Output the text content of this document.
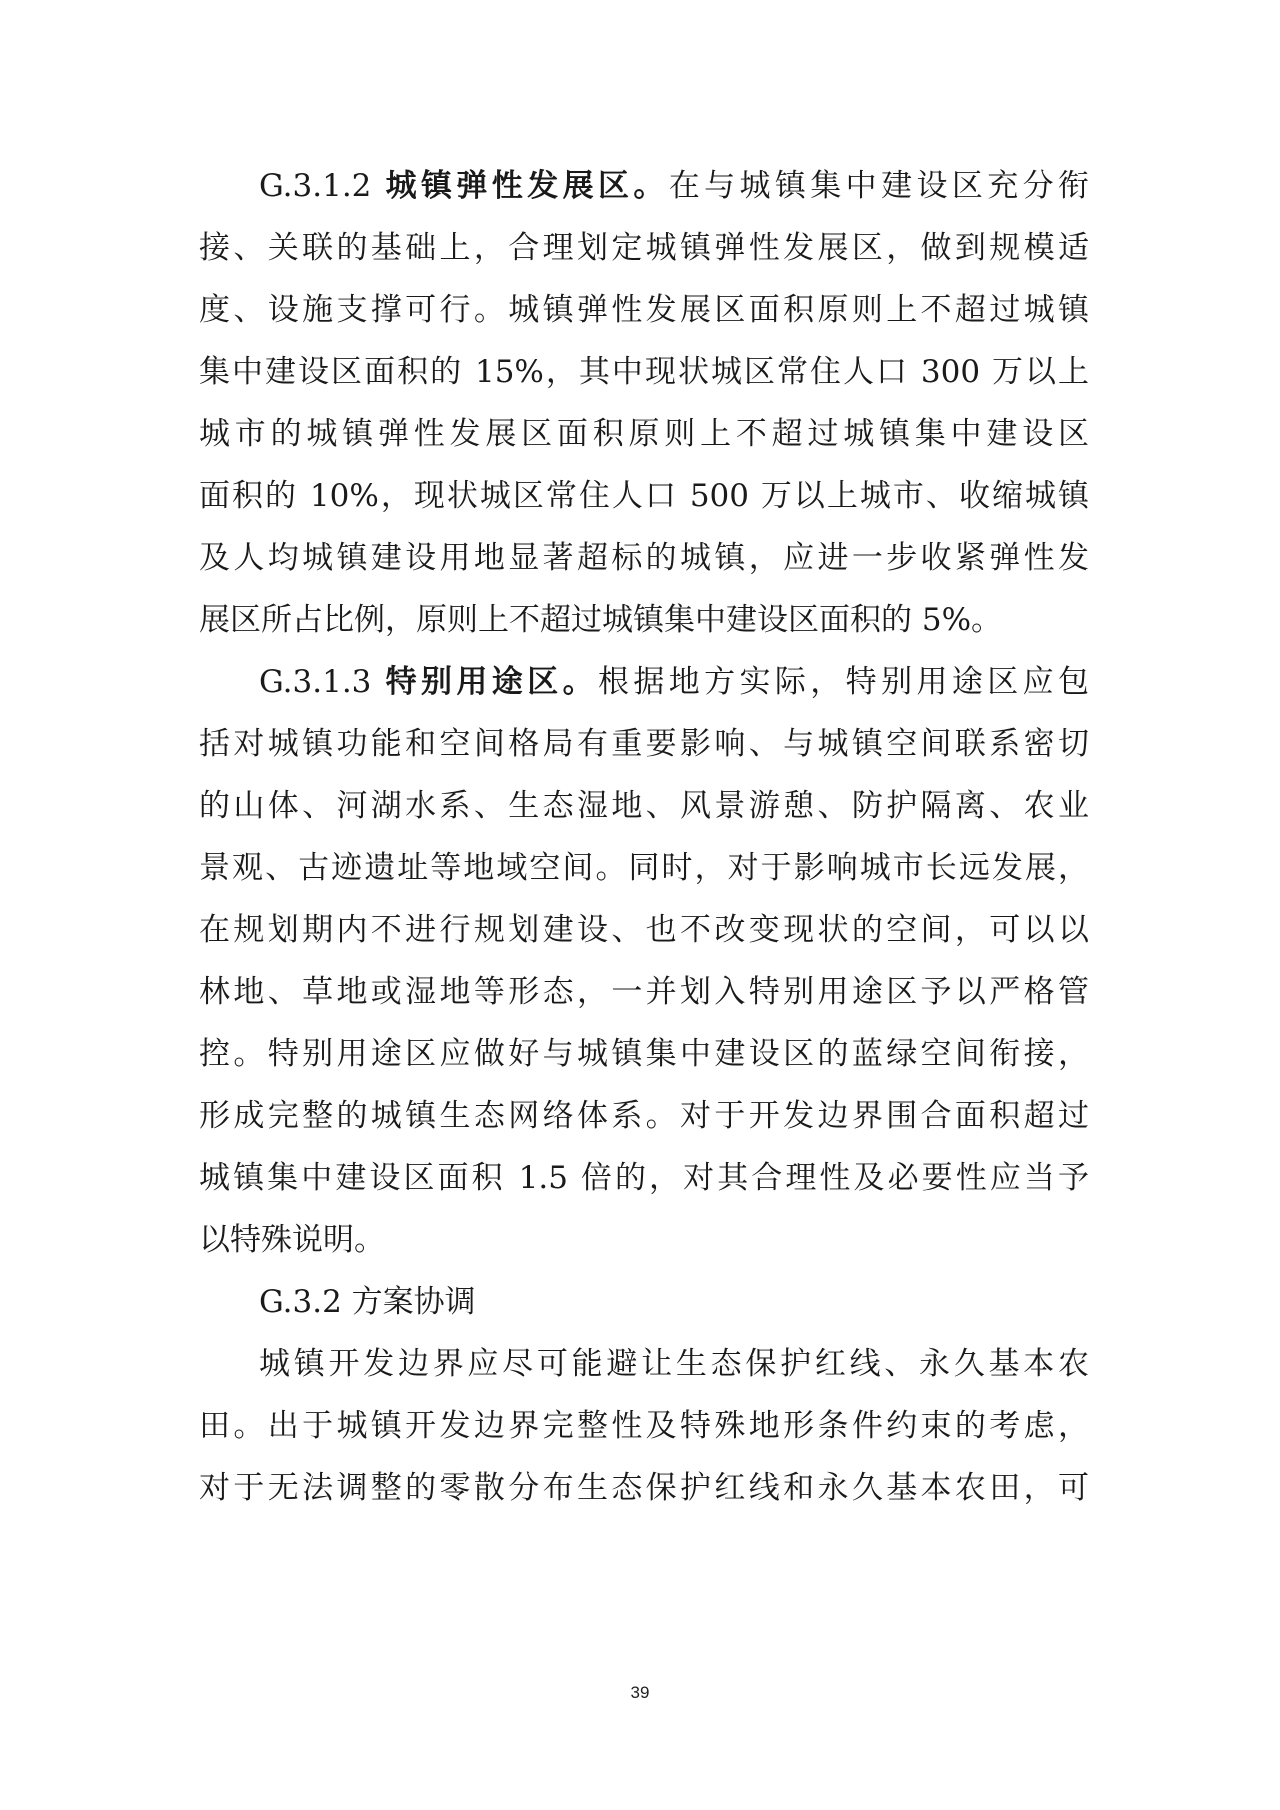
G.3.1.2 城镇弹性发展区。在与城镇集中建设区充分衔
接、关联的基础上，合理划定城镇弹性发展区，做到规模适
度、设施支撑可行。城镇弹性发展区面积原则上不超过城镇
集中建设区面积的 15%，其中现状城区常住人口 300 万以上
城市的城镇弹性发展区面积原则上不超过城镇集中建设区
面积的 10%，现状城区常住人口 500 万以上城市、收缩城镇
及人均城镇建设用地显著超标的城镇，应进一步收紧弹性发
展区所占比例，原则上不超过城镇集中建设区面积的 5%。
G.3.1.3 特别用途区。根据地方实际，特别用途区应包
括对城镇功能和空间格局有重要影响、与城镇空间联系密切
的山体、河湖水系、生态湿地、风景游憩、防护隔离、农业
景观、古迹遗址等地域空间。同时，对于影响城市长远发展，
在规划期内不进行规划建设、也不改变现状的空间，可以以
林地、草地或湿地等形态，一并划入特别用途区予以严格管
控。特别用途区应做好与城镇集中建设区的蓝绿空间衔接，
形成完整的城镇生态网络体系。对于开发边界围合面积超过
城镇集中建设区面积 1.5 倍的，对其合理性及必要性应当予
以特殊说明。
G.3.2 方案协调
城镇开发边界应尽可能避让生态保护红线、永久基本农
田。出于城镇开发边界完整性及特殊地形条件约束的考虑，
对于无法调整的零散分布生态保护红线和永久基本农田，可
39
